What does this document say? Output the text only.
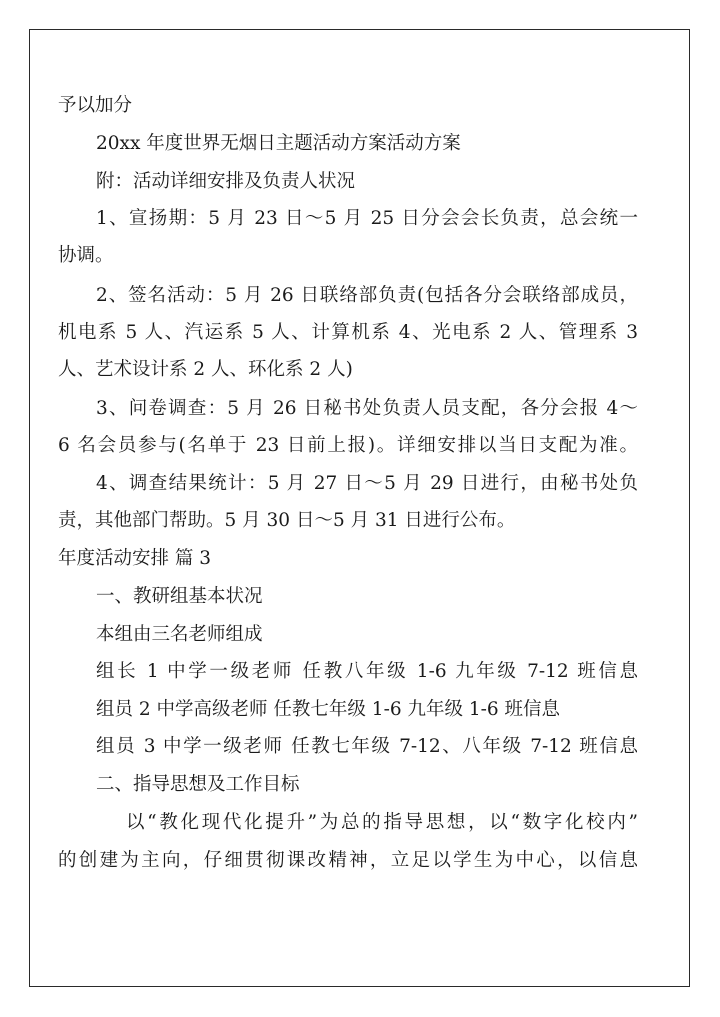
予以加分
20xx 年度世界无烟日主题活动方案活动方案
附：活动详细安排及负责人状况
1、宣扬期：5 月 23 日～5 月 25 日分会会长负责，总会统一
协调。
2、签名活动：5 月 26 日联络部负责(包括各分会联络部成员，
机电系 5 人、汽运系 5 人、计算机系 4、光电系 2 人、管理系 3
人、艺术设计系 2 人、环化系 2 人)
3、问卷调查：5 月 26 日秘书处负责人员支配，各分会报 4～
6 名会员参与(名单于 23 日前上报)。详细安排以当日支配为准。
4、调查结果统计：5 月 27 日～5 月 29 日进行，由秘书处负
责，其他部门帮助。5 月 30 日～5 月 31 日进行公布。
年度活动安排 篇 3
一、教研组基本状况
本组由三名老师组成
组长 1 中学一级老师 任教八年级 1-6 九年级 7-12 班信息
组员 2 中学高级老师 任教七年级 1-6 九年级 1-6 班信息
组员 3 中学一级老师 任教七年级 7-12、八年级 7-12 班信息
二、指导思想及工作目标
以“教化现代化提升”为总的指导思想，以“数字化校内”
的创建为主向，仔细贯彻课改精神，立足以学生为中心，以信息
